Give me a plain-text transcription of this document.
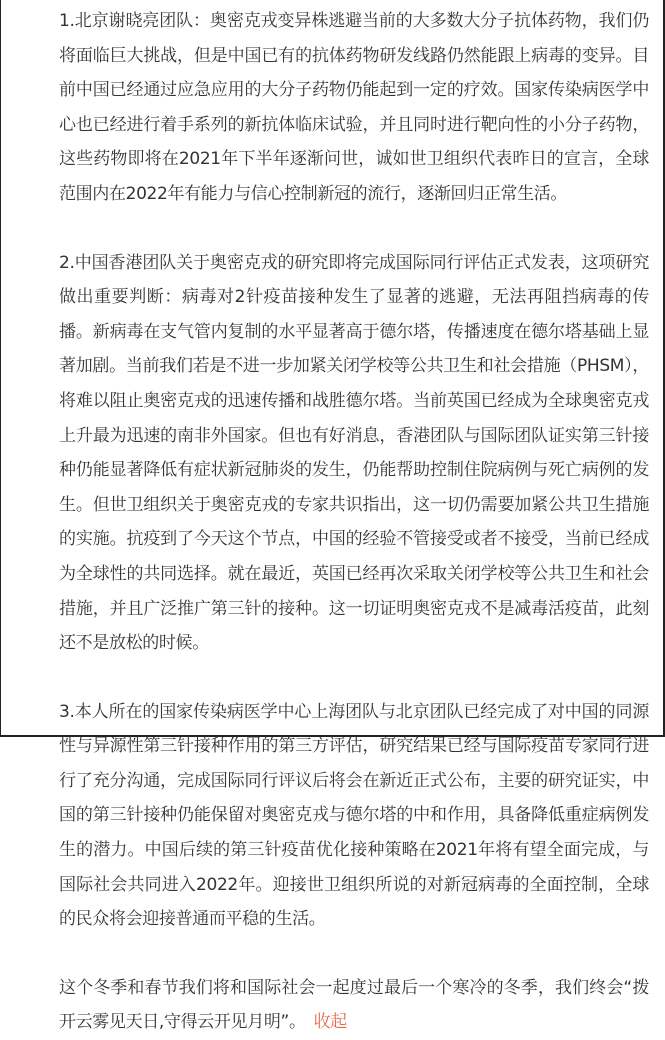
1.北京谢晓亮团队：奥密克戎变异株逃避当前的大多数大分子抗体药物，我们仍将面临巨大挑战，但是中国已有的抗体药物研发线路仍然能跟上病毒的变异。目前中国已经通过应急应用的大分子药物仍能起到一定的疗效。国家传染病医学中心也已经进行着手系列的新抗体临床试验，并且同时进行靶向性的小分子药物，这些药物即将在2021年下半年逐渐问世，诚如世卫组织代表昨日的宣言，全球范围内在2022年有能力与信心控制新冠的流行，逐渐回归正常生活。

2.中国香港团队关于奥密克戎的研究即将完成国际同行评估正式发表，这项研究做出重要判断：病毒对2针疫苗接种发生了显著的逃避，无法再阻挡病毒的传播。新病毒在支气管内复制的水平显著高于德尔塔，传播速度在德尔塔基础上显著加剧。当前我们若是不进一步加紧关闭学校等公共卫生和社会措施（PHSM），将难以阻止奥密克戎的迅速传播和战胜德尔塔。当前英国已经成为全球奥密克戎上升最为迅速的南非外国家。但也有好消息，香港团队与国际团队证实第三针接种仍能显著降低有症状新冠肺炎的发生，仍能帮助控制住院病例与死亡病例的发生。但世卫组织关于奥密克戎的专家共识指出，这一切仍需要加紧公共卫生措施的实施。抗疫到了今天这个节点，中国的经验不管接受或者不接受，当前已经成为全球性的共同选择。就在最近，英国已经再次采取关闭学校等公共卫生和社会措施，并且广泛推广第三针的接种。这一切证明奥密克戎不是减毒活疫苗，此刻还不是放松的时候。

3.本人所在的国家传染病医学中心上海团队与北京团队已经完成了对中国的同源性与异源性第三针接种作用的第三方评估，研究结果已经与国际疫苗专家同行进行了充分沟通，完成国际同行评议后将会在新近正式公布，主要的研究证实，中国的第三针接种仍能保留对奥密克戎与德尔塔的中和作用，具备降低重症病例发生的潜力。中国后续的第三针疫苗优化接种策略在2021年将有望全面完成，与国际社会共同进入2022年。迎接世卫组织所说的对新冠病毒的全面控制，全球的民众将会迎接普通而平稳的生活。

这个冬季和春节我们将和国际社会一起度过最后一个寒冷的冬季，我们终会“拨开云雾见天日,守得云开见月明”。 收起
